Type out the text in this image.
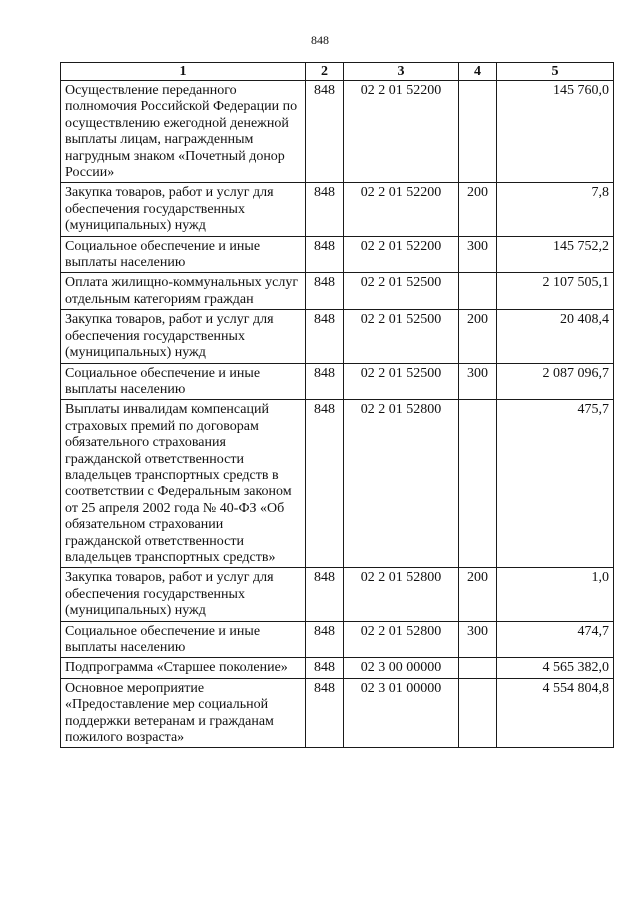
848
1	2	3	4	5
Осуществление переданного полномочия Российской Федерации по осуществлению ежегодной денежной выплаты лицам, награжденным нагрудным знаком «Почетный донор России»	848	02 2 01 52200		145 760,0
Закупка товаров, работ и услуг для обеспечения государственных (муниципальных) нужд	848	02 2 01 52200	200	7,8
Социальное обеспечение и иные выплаты населению	848	02 2 01 52200	300	145 752,2
Оплата жилищно-коммунальных услуг отдельным категориям граждан	848	02 2 01 52500		2 107 505,1
Закупка товаров, работ и услуг для обеспечения государственных (муниципальных) нужд	848	02 2 01 52500	200	20 408,4
Социальное обеспечение и иные выплаты населению	848	02 2 01 52500	300	2 087 096,7
Выплаты инвалидам компенсаций страховых премий по договорам обязательного страхования гражданской ответственности владельцев транспортных средств в соответствии с Федеральным законом от 25 апреля 2002 года № 40-ФЗ «Об обязательном страховании гражданской ответственности владельцев транспортных средств»	848	02 2 01 52800		475,7
Закупка товаров, работ и услуг для обеспечения государственных (муниципальных) нужд	848	02 2 01 52800	200	1,0
Социальное обеспечение и иные выплаты населению	848	02 2 01 52800	300	474,7
Подпрограмма «Старшее поколение»	848	02 3 00 00000		4 565 382,0
Основное мероприятие «Предоставление мер социальной поддержки ветеранам и гражданам пожилого возраста»	848	02 3 01 00000		4 554 804,8
